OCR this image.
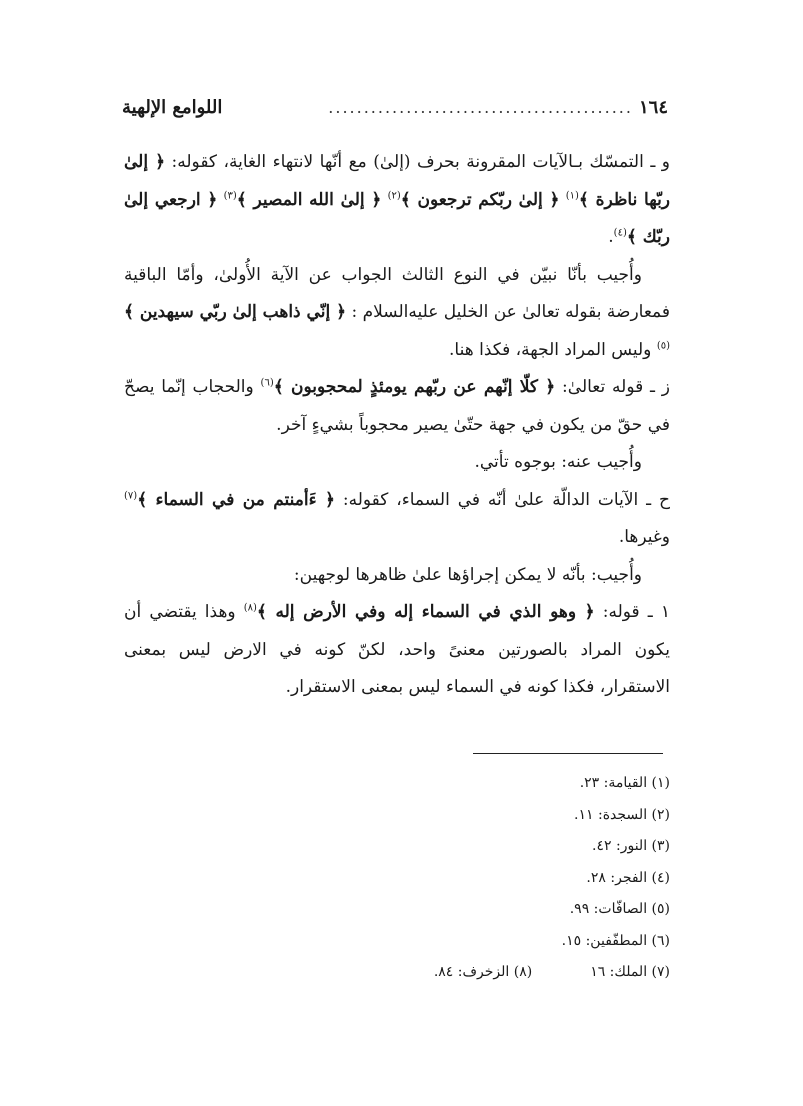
١٦٤
...........................................
اللوامع الإلهية

و ـ التمسّك بـالآيات المقرونة بحرف (إلىٰ) مع أنّها لانتهاء الغاية، كقوله: ﴿ إلىٰ ربّها ناظرة ﴾$^{(١)}$ ﴿ إلىٰ ربّكم ترجعون ﴾$^{(٢)}$ ﴿ إلىٰ الله المصير ﴾$^{(٣)}$ ﴿ ارجعي إلىٰ ربّك ﴾$^{(٤)}$.

وأُجيب بأنّا نبيّن في النوع الثالث الجواب عن الآية الأُولىٰ، وأمّا الباقية فمعارضة بقوله تعالىٰ عن الخليل عليه‌السلام : ﴿ إنّي ذاهب إلىٰ ربّي سيهدين ﴾$^{(٥)}$ وليس المراد الجهة، فكذا هنا.

ز ـ قوله تعالىٰ: ﴿ كلّا إنّهم عن ربّهم يومئذٍ لمحجوبون ﴾$^{(٦)}$ والحجاب إنّما يصحّ في حقّ من يكون في جهة حتّىٰ يصير محجوباً بشيءٍ آخر.

وأُجيب عنه: بوجوه تأتي.

ح ـ الآيات الدالّة علىٰ أنّه في السماء، كقوله: ﴿ ءَأمنتم من في السماء ﴾$^{(٧)}$ وغيرها.

وأُجيب: بأنّه لا يمكن إجراؤها علىٰ ظاهرها لوجهين:

١ ـ قوله: ﴿ وهو الذي في السماء إله وفي الأرض إله ﴾$^{(٨)}$ وهذا يقتضي أن يكون المراد بالصورتين معنىً واحد، لكنّ كونه في الارض ليس بمعنى الاستقرار، فكذا كونه في السماء ليس بمعنى الاستقرار.

(١) القيامة: ٢٣.
(٢) السجدة: ١١.
(٣) النور: ٤٢.
(٤) الفجر: ٢٨.
(٥) الصافّات: ٩٩.
(٦) المطفّفين: ١٥.
(٧) الملك: ١٦
(٨) الزخرف: ٨٤.
